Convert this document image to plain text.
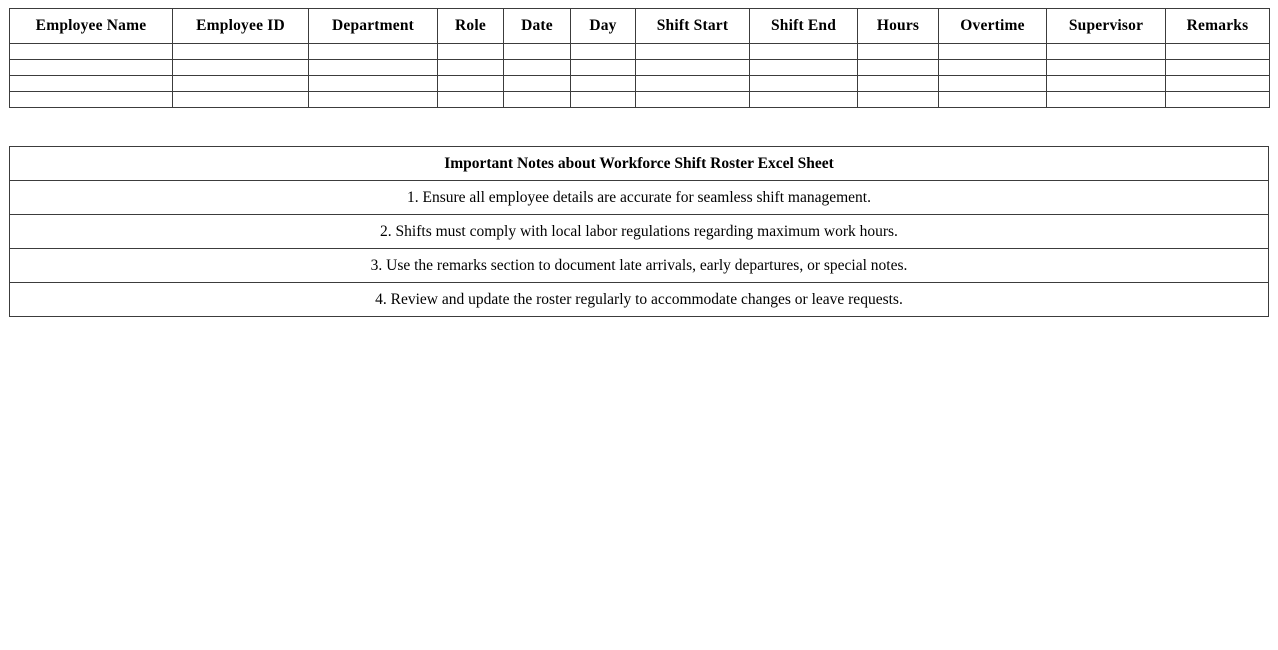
Employee Name	Employee ID	Department	Role	Date	Day	Shift Start	Shift End	Hours	Overtime	Supervisor	Remarks

Important Notes about Workforce Shift Roster Excel Sheet
1. Ensure all employee details are accurate for seamless shift management.
2. Shifts must comply with local labor regulations regarding maximum work hours.
3. Use the remarks section to document late arrivals, early departures, or special notes.
4. Review and update the roster regularly to accommodate changes or leave requests.
